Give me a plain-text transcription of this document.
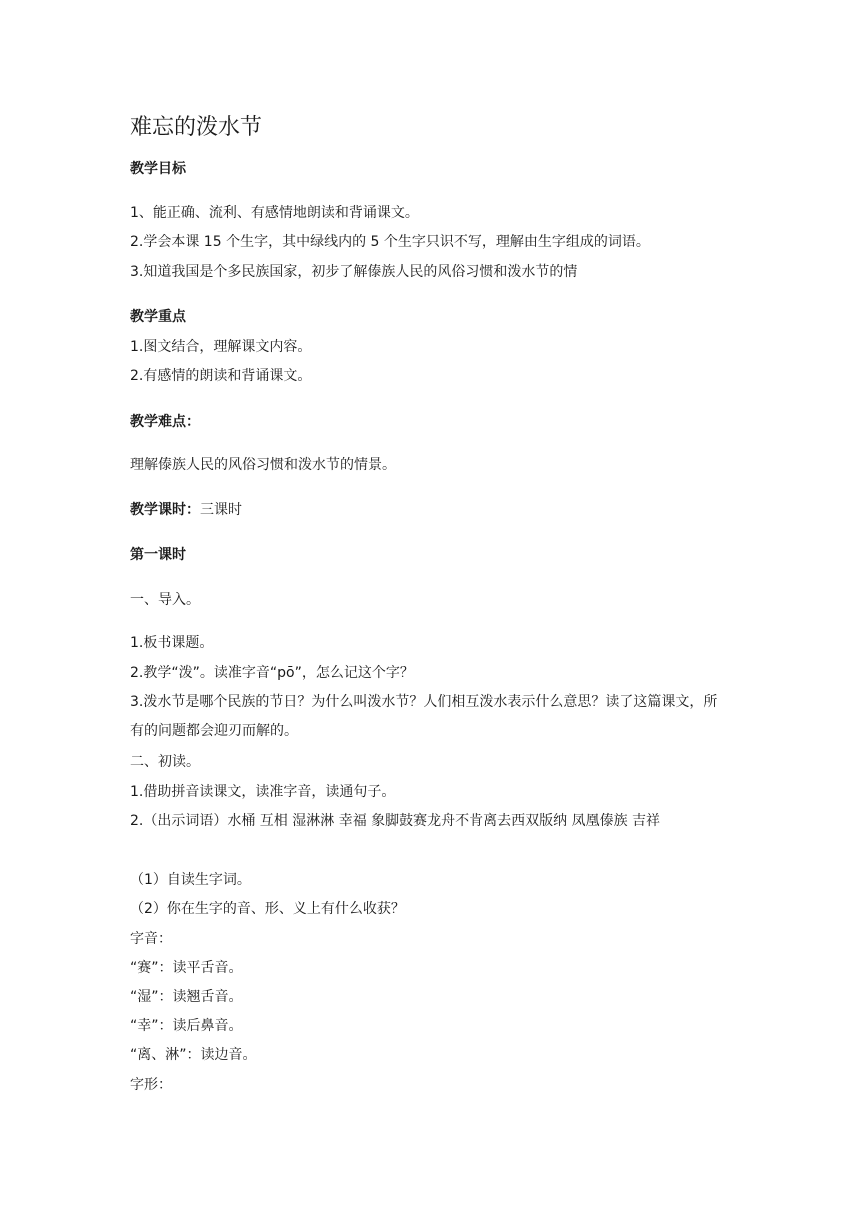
难忘的泼水节
教学目标
1、能正确、流利、有感情地朗读和背诵课文。
2.学会本课 15 个生字，其中绿线内的 5 个生字只识不写，理解由生字组成的词语。
3.知道我国是个多民族国家，初步了解傣族人民的风俗习惯和泼水节的情
教学重点
1.图文结合，理解课文内容。
2.有感情的朗读和背诵课文。
教学难点：
理解傣族人民的风俗习惯和泼水节的情景。
教学课时：三课时
第一课时
一、导入。
1.板书课题。
2.教学“泼”。读准字音“pō”，怎么记这个字？
3.泼水节是哪个民族的节日？为什么叫泼水节？人们相互泼水表示什么意思？读了这篇课文，所有的问题都会迎刃而解的。
二、初读。
1.借助拼音读课文，读准字音，读通句子。
2.（出示词语）水桶 互相 湿淋淋 幸福 象脚鼓赛龙舟不肯离去西双版纳 凤凰傣族 吉祥
（1）自读生字词。
（2）你在生字的音、形、义上有什么收获？
字音：
“赛”：读平舌音。
“湿”：读翘舌音。
“幸”：读后鼻音。
“离、淋”：读边音。
字形：
